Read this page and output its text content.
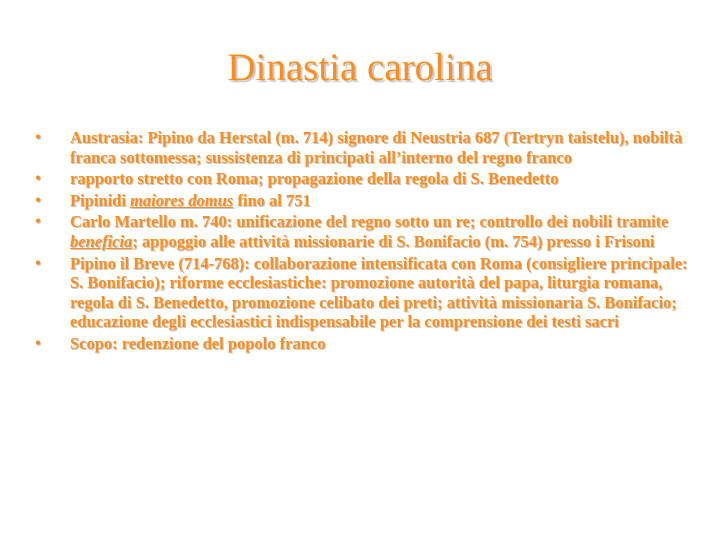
Dinastia carolina
•	Austrasia: Pipino da Herstal (m. 714) signore di Neustria 687 (Tertryn taistelu), nobiltà franca sottomessa; sussistenza di principati all’interno del regno franco
•	rapporto stretto con Roma; propagazione della regola di S. Benedetto
•	Pipinidi maiores domus fino al 751
•	Carlo Martello m. 740: unificazione del regno sotto un re; controllo dei nobili tramite beneficia; appoggio alle attività missionarie di S. Bonifacio (m. 754) presso i Frisoni
•	Pipino il Breve (714-768): collaborazione intensificata con Roma (consigliere principale: S. Bonifacio); riforme ecclesiastiche: promozione autorità del papa, liturgia romana, regola di S. Benedetto, promozione celibato dei preti; attività missionaria S. Bonifacio; educazione degli ecclesiastici indispensabile per la comprensione dei testi sacri
•	Scopo: redenzione del popolo franco
